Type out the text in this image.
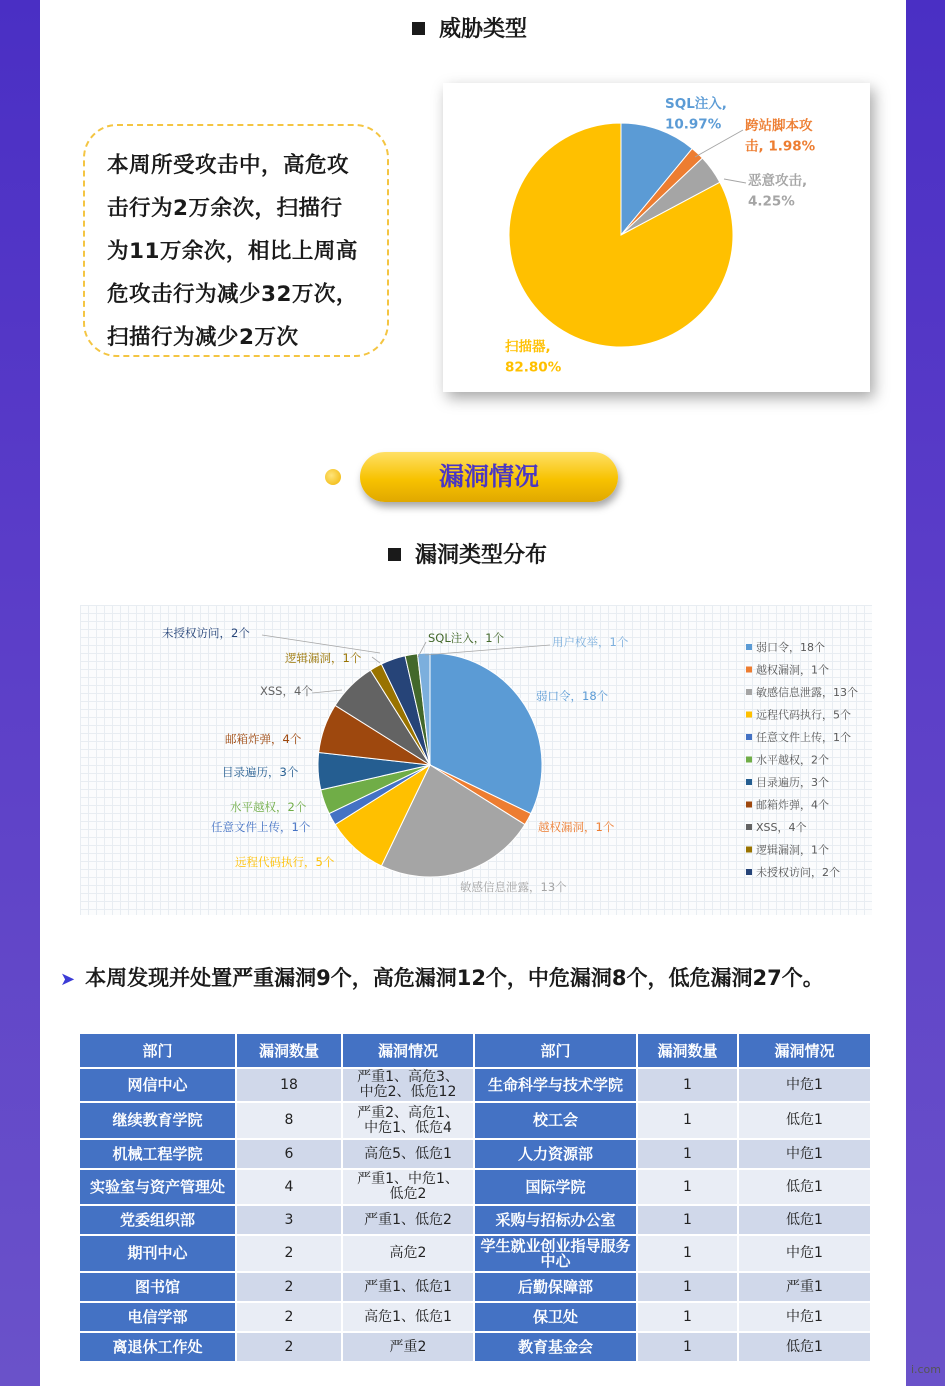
威胁类型
本周所受攻击中，高危攻
击行为2万余次，扫描行
为11万余次，相比上周高
危攻击行为减少32万次，
扫描行为减少2万次
SQL注入,
10.97% 跨站脚本攻
击, 1.98%
恶意攻击,
4.25%
扫描器,
82.80%
漏洞情况
漏洞类型分布
弱口令，18个
越权漏洞，1个
敏感信息泄露，13个
远程代码执行，5个
任意文件上传，1个
水平越权，2个
目录遍历，3个
邮箱炸弹，4个
XSS，4个
逻辑漏洞，1个
未授权访问，2个	SQL注入，1个	用户枚举，1个	弱口令，18个
越权漏洞，1个
敏感信息泄露，13个
远程代码执行，5个
任意文件上传，1个
水平越权，2个
目录遍历，3个
邮箱炸弹，4个
XSS，4个
逻辑漏洞，1个
未授权访问，2个
➤ 本周发现并处置严重漏洞9个，高危漏洞12个，中危漏洞8个，低危漏洞27个。
部门	漏洞数量	漏洞情况	部门	漏洞数量	漏洞情况
网信中心	18	严重1、高危3、
中危2、低危12	生命科学与技术学院	1	中危1
继续教育学院	8	严重2、高危1、
中危1、低危4	校工会	1	低危1
机械工程学院	6	高危5、低危1	人力资源部	1	中危1
实验室与资产管理处	4	严重1、中危1、
低危2	国际学院	1	低危1
党委组织部	3	严重1、低危2	采购与招标办公室	1	低危1
期刊中心	2	高危2	学生就业创业指导服务
中心	1	中危1
图书馆	2	严重1、低危1	后勤保障部	1	严重1
电信学部	2	高危1、低危1	保卫处	1	中危1
离退休工作处	2	严重2	教育基金会	1	低危1
i.com
